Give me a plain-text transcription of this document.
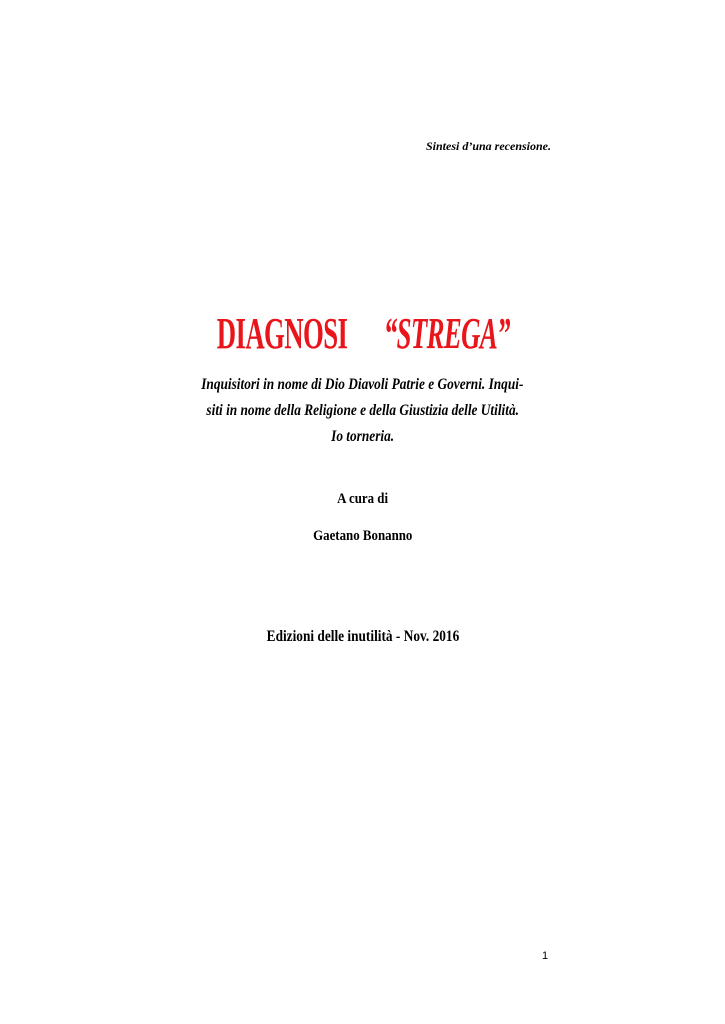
Sintesi d’una recensione.
DIAGNOSI“STREGA”
Inquisitori in nome di Dio Diavoli Patrie e Governi. Inqui-
siti in nome della Religione e della Giustizia delle Utilità.
Io torneria.
A cura di
Gaetano Bonanno
Edizioni delle inutilità - Nov. 2016
1
